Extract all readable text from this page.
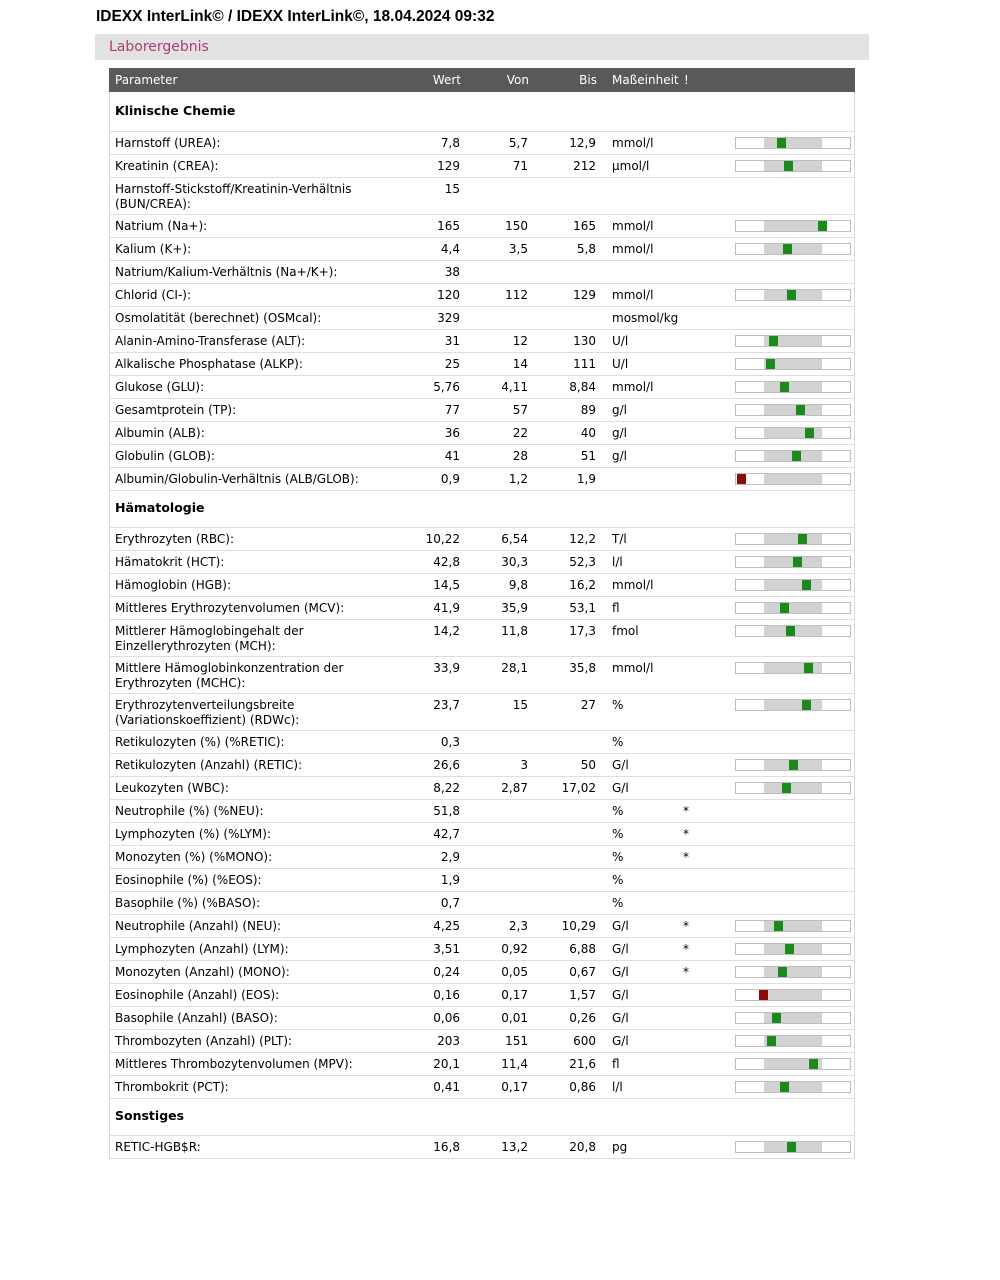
IDEXX InterLink© / IDEXX InterLink©, 18.04.2024 09:32
Laborergebnis
Parameter	Wert	Von	Bis Maßeinheit !
Klinische Chemie
Harnstoff (UREA):	7,8	5,7	12,9 mmol/l
Kreatinin (CREA):	129	71	212 µmol/l
Harnstoff-Stickstoff/Kreatinin-Verhältnis (BUN/CREA):
15
Natrium (Na+):	165	150	165 mmol/l
Kalium (K+):	4,4	3,5	5,8 mmol/l
Natrium/Kalium-Verhältnis (Na+/K+):	38
Chlorid (CI-):	120	112	129 mmol/l
Osmolatität (berechnet) (OSMcal):	329	mosmol/kg
Alanin-Amino-Transferase (ALT):	31	12	130 U/l
Alkalische Phosphatase (ALKP):	25	14	111 U/l
Glukose (GLU):	5,76	4,11	8,84 mmol/l
Gesamtprotein (TP):	77	57	89 g/l
Albumin (ALB):	36	22	40 g/l
Globulin (GLOB):	41	28	51 g/l
Albumin/Globulin-Verhältnis (ALB/GLOB):	0,9	1,2	1,9
Hämatologie
Erythrozyten (RBC):	10,22	6,54	12,2 T/l
Hämatokrit (HCT):	42,8	30,3	52,3 l/l
Hämoglobin (HGB):	14,5	9,8	16,2 mmol/l
Mittleres Erythrozytenvolumen (MCV):	41,9	35,9	53,1 fl
Mittlerer Hämoglobingehalt der Einzellerythrozyten (MCH):
14,2	11,8	17,3 fmol
Mittlere Hämoglobinkonzentration der Erythrozyten (MCHC):
33,9	28,1	35,8 mmol/l
Erythrozytenverteilungsbreite (Variationskoeffizient) (RDWc):
23,7	15	27 %
Retikulozyten (%) (%RETIC):	0,3	%
Retikulozyten (Anzahl) (RETIC):	26,6	3	50 G/l
Leukozyten (WBC):	8,22	2,87	17,02 G/l
Neutrophile (%) (%NEU):	51,8	%	*
Lymphozyten (%) (%LYM):	42,7	%	*
Monozyten (%) (%MONO):	2,9	%	*
Eosinophile (%) (%EOS):	1,9	%
Basophile (%) (%BASO):	0,7	%
Neutrophile (Anzahl) (NEU):	4,25	2,3	10,29 G/l	*
Lymphozyten (Anzahl) (LYM):	3,51	0,92	6,88 G/l	*
Monozyten (Anzahl) (MONO):	0,24	0,05	0,67 G/l	*
Eosinophile (Anzahl) (EOS):	0,16	0,17	1,57 G/l
Basophile (Anzahl) (BASO):	0,06	0,01	0,26 G/l
Thrombozyten (Anzahl) (PLT):	203	151	600 G/l
Mittleres Thrombozytenvolumen (MPV):	20,1	11,4	21,6 fl
Thrombokrit (PCT):	0,41	0,17	0,86 l/l
Sonstiges
RETIC-HGB$R:	16,8	13,2	20,8 pg
